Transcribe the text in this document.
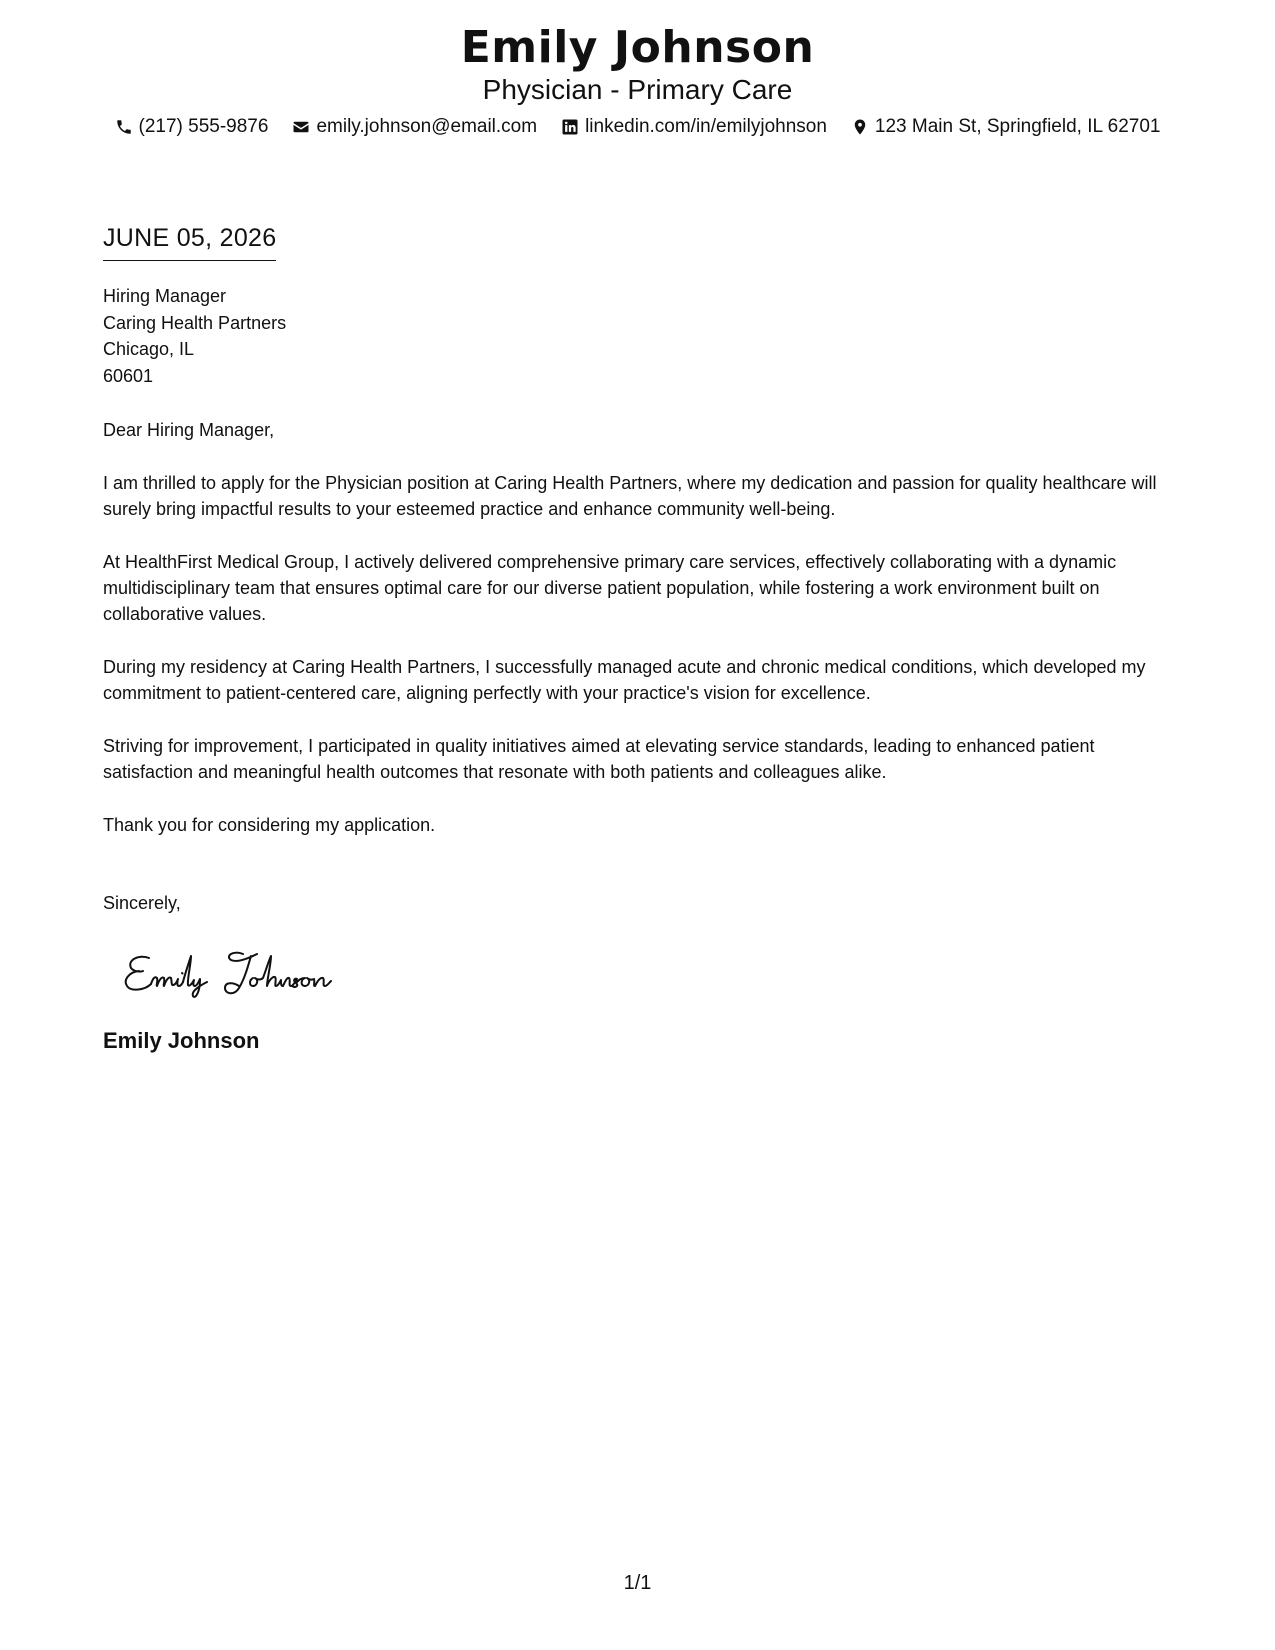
Emily Johnson
Physician - Primary Care
(217) 555-9876	emily.johnson@email.com	linkedin.com/in/emilyjohnson	123 Main St, Springfield, IL 62701
JUNE 05, 2026
Hiring Manager
Caring Health Partners
Chicago, IL
60601
Dear Hiring Manager,
I am thrilled to apply for the Physician position at Caring Health Partners, where my dedication and passion for quality healthcare will surely bring impactful results to your esteemed practice and enhance community well-being.
At HealthFirst Medical Group, I actively delivered comprehensive primary care services, effectively collaborating with a dynamic multidisciplinary team that ensures optimal care for our diverse patient population, while fostering a work environment built on collaborative values.
During my residency at Caring Health Partners, I successfully managed acute and chronic medical conditions, which developed my commitment to patient-centered care, aligning perfectly with your practice's vision for excellence.
Striving for improvement, I participated in quality initiatives aimed at elevating service standards, leading to enhanced patient satisfaction and meaningful health outcomes that resonate with both patients and colleagues alike.
Thank you for considering my application.
Sincerely,
Emily Johnson
1/1
